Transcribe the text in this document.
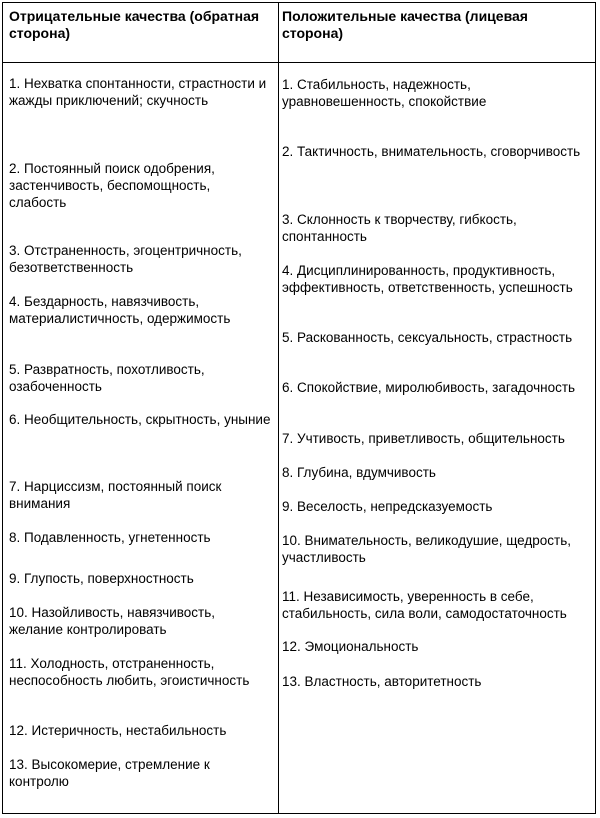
Отрицательные качества (обратная сторона)
Положительные качества (лицевая сторона)
1. Нехватка спонтанности, страстности и жажды приключений; скучность
2. Постоянный поиск одобрения, застенчивость, беспомощность, слабость
3. Отстраненность, эгоцентричность, безответственность
4. Бездарность, навязчивость, материалистичность, одержимость
5. Развратность, похотливость, озабоченность
6. Необщительность, скрытность, уныние
7. Нарциссизм, постоянный поиск внимания
8. Подавленность, угнетенность
9. Глупость, поверхностность
10. Назойливость, навязчивость, желание контролировать
11. Холодность, отстраненность, неспособность любить, эгоистичность
12. Истеричность, нестабильность
13. Высокомерие, стремление к контролю
1. Стабильность, надежность, уравновешенность, спокойствие
2. Тактичность, внимательность, сговорчивость
3. Склонность к творчеству, гибкость, спонтанность
4. Дисциплинированность, продуктивность, эффективность, ответственность, успешность
5. Раскованность, сексуальность, страстность
6. Спокойствие, миролюбивость, загадочность
7. Учтивость, приветливость, общительность
8. Глубина, вдумчивость
9. Веселость, непредсказуемость
10. Внимательность, великодушие, щедрость, участливость
11. Независимость, уверенность в себе, стабильность, сила воли, самодостаточность
12. Эмоциональность
13. Властность, авторитетность
